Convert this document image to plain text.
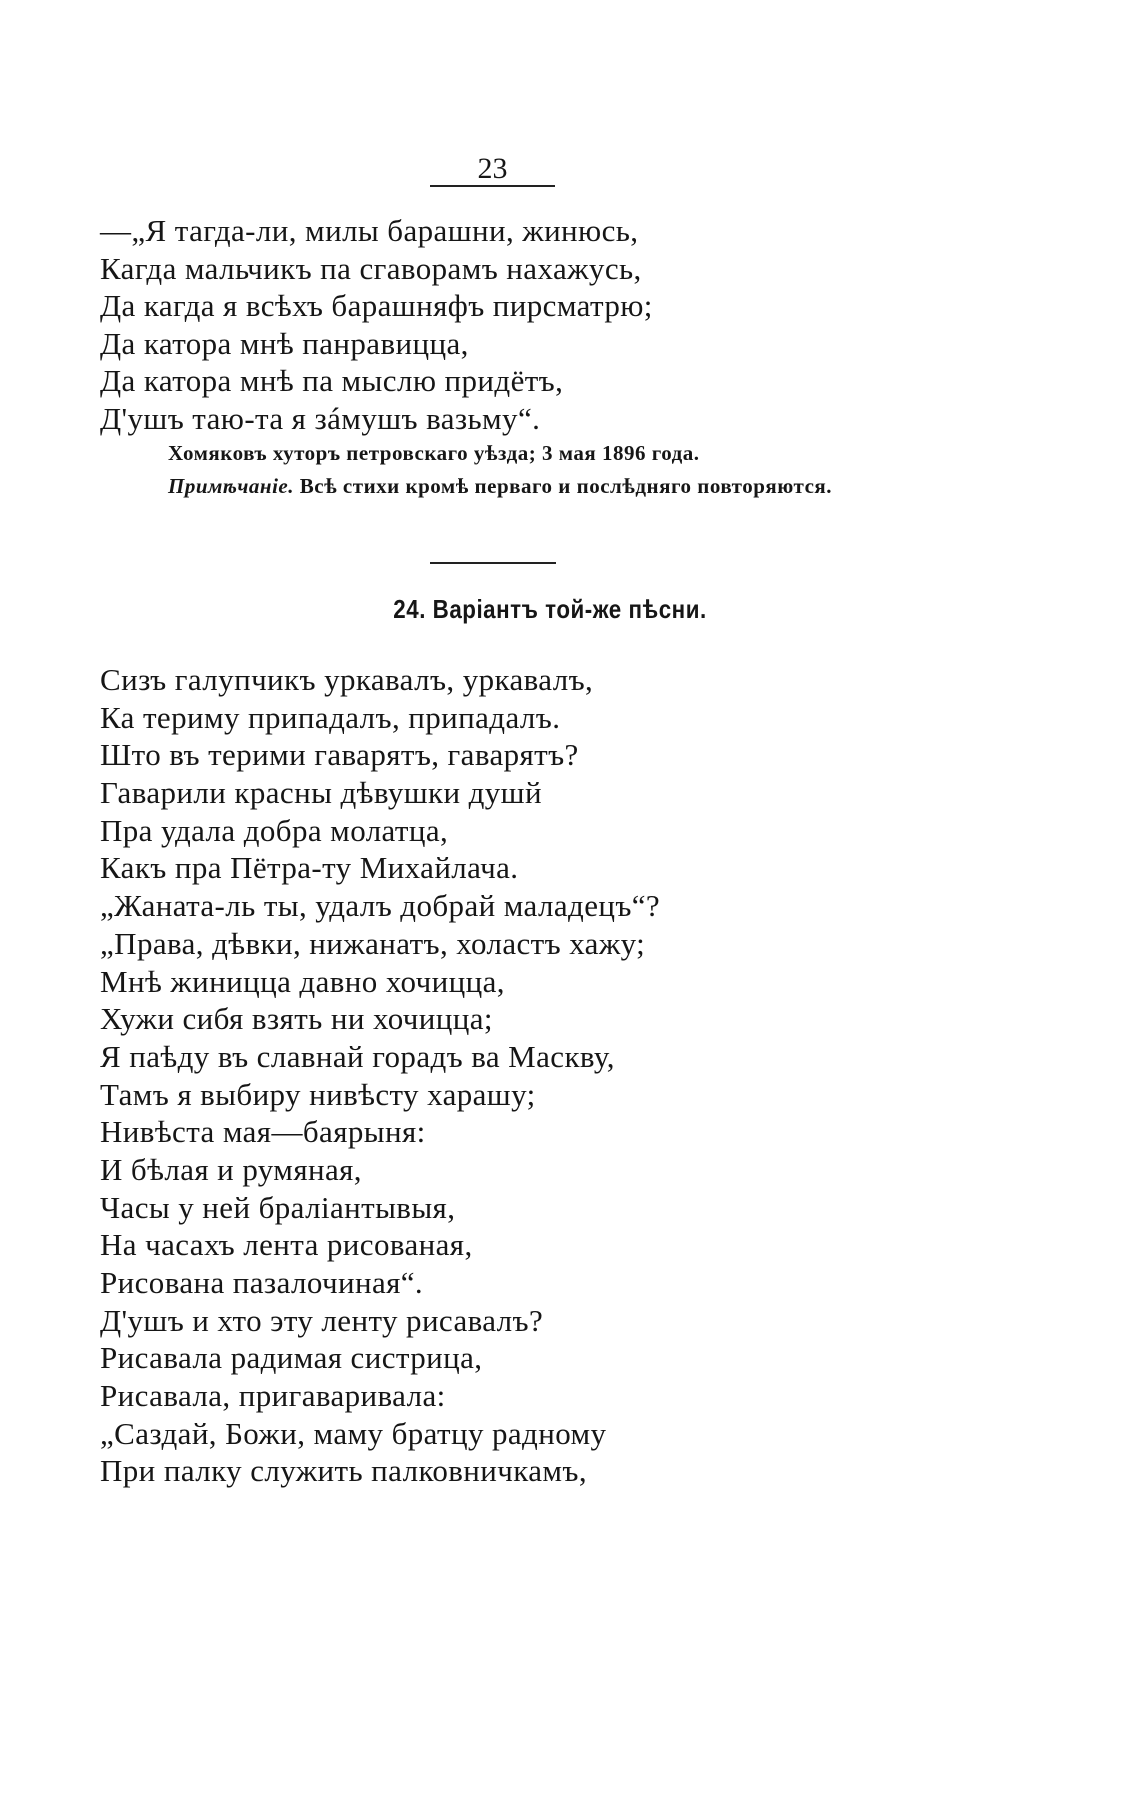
23
—„Я тагда-ли, милы барашни, жинюсь,
Кагда мальчикъ па сгаворамъ нахажусь,
Да кагда я всѣхъ барашняфъ пирсматрю;
Да катора мнѣ панравицца,
Да катора мнѣ па мыслю придётъ,
Д'ушъ таю-та я зáмушъ вазьму“.
Хомяковъ хуторъ петровскаго уѣзда; 3 мая 1896 года.
Примѣчаніе. Всѣ стихи кромѣ перваго и послѣдняго повторяются.
24. Варіантъ той-же пѣсни.
Сизъ галупчикъ уркавалъ, уркавалъ,
Ка териму припадалъ, припадалъ.
Што въ терими гаварятъ, гаварятъ?
Гаварили красны дѣвушки душй
Пра удала добра молатца,
Какъ пра Пётра-ту Михайлача.
„Жаната-ль ты, удалъ добрай маладецъ“?
„Права, дѣвки, нижанатъ, холастъ хажу;
Мнѣ жиницца давно хочицца,
Хужи сибя взять ни хочицца;
Я паѣду въ славнай горадъ ва Маскву,
Тамъ я выбиру нивѣсту харашу;
Нивѣста мая—баярыня:
И бѣлая и румяная,
Часы у ней бралiантывыя,
На часахъ лента рисованая,
Рисована пазалочиная“.
Д'ушъ и хто эту ленту рисавалъ?
Рисавала радимая систрица,
Рисавала, пригаваривала:
„Саздай, Божи, маму братцу радному
При палку служить палковничкамъ,
